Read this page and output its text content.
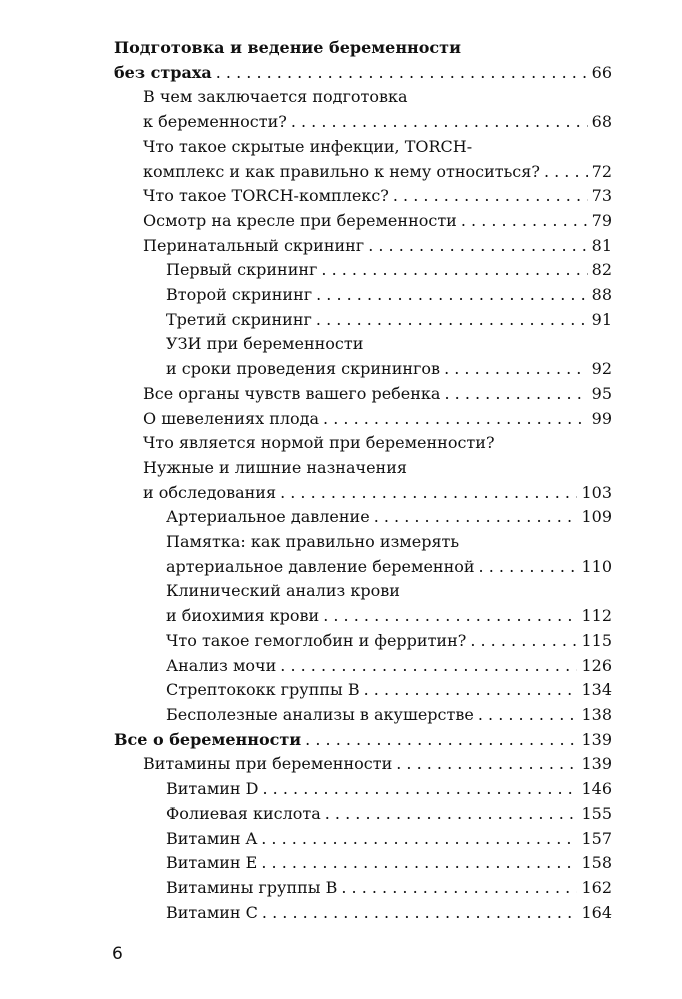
Подготовка и ведение беременности
без страха . . .	66
В чем заключается подготовка
к беременности? . . .	68
Что такое скрытые инфекции, TORCH-
комплекс и как правильно к нему относиться? . . .	72
Что такое TORCH-комплекс? . . .	73
Осмотр на кресле при беременности . . .	79
Перинатальный скрининг . . .	81
Первый скрининг . . .	82
Второй скрининг . . .	88
Третий скрининг . . .	91
УЗИ при беременности
и сроки проведения скринингов . . .	92
Все органы чувств вашего ребенка . . .	95
О шевелениях плода . . .	99
Что является нормой при беременности?
Нужные и лишние назначения
и обследования . . .	103
Артериальное давление . . .	109
Памятка: как правильно измерять
артериальное давление беременной . . .	110
Клинический анализ крови
и биохимия крови . . .	112
Что такое гемоглобин и ферритин? . . .	115
Анализ мочи . . .	126
Стрептококк группы B . . .	134
Бесполезные анализы в акушерстве . . .	138
Все о беременности . . .	139
Витамины при беременности . . .	139
Витамин D . . .	146
Фолиевая кислота . . .	155
Витамин A . . .	157
Витамин E . . .	158
Витамины группы B . . .	162
Витамин C . . .	164
6
